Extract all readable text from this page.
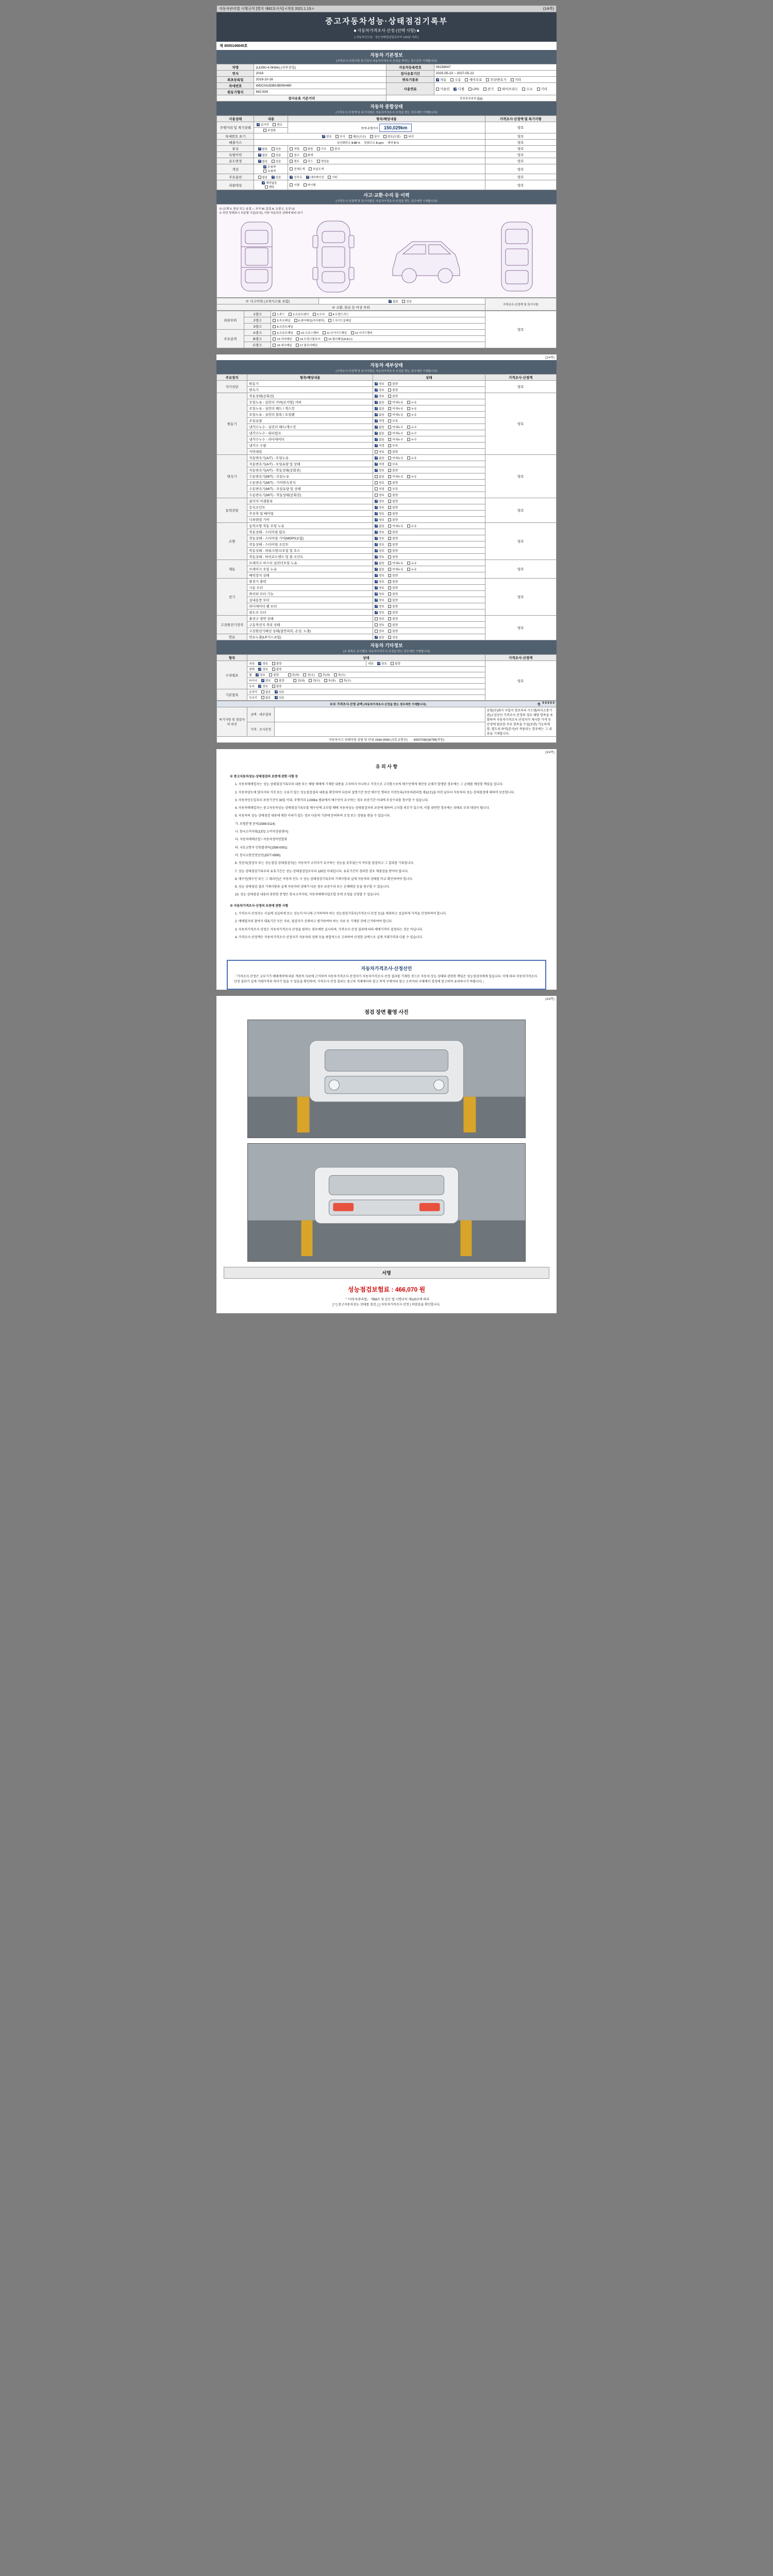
자동차관리법 시행규칙 [별지 제82호서식] <개정 2021.1.19.>	(1/4쪽)
중고자동차성능·상태점검기록부
■ 자동차가격조사·산정 (선택 사항) ■
[ 자동차인도일 : 성능상태점검일로부터 120일 이내 ]
제 4000146645호
자동차 기본정보
(가격조사·산정이란 중고차의 자동차가격조사·산정을 뜻하는 것으로만 기재합니다)
차명	(L£350-4.0kWe) (서부진입)	자동차등록번호	06158047
연식	2018	검사유효기간	2025-05-23 ~ 2027-05-22
최초등록일	2018-10-16	변속기종류	✔자동 수동 세미오토 무단변속기 기타
차대번호	WDC0A3DB0JB090480	사용연료	가솔린 ✔ 디젤 LPG 전기 하이브리드 수소 기타
원동기형식	642.926		
검사유효 기준거리		0 0 0 0 0 0 (㎞)	
자동차 종합상태
(가격조사·산정액 및 특기사항은 자동차가격조사·산정을 받는 경우에만 기재합니다)
사용상태	내용	항목/해당내용	가격조사·산정액 및 특기사항
주행거리 및 계기상태	✔실거리 변조	현재 주행거리 150,029km	양호
	부정확		
차대번호 표기	✔양호 부식 훼손(오손) 상이 변조(도말) 타각		양호
배출가스	일산화탄소 0.00 % 탄화수소 0 ppm 매연 0 %		양호
튜닝	✔없음 있음	적법 불법 구조 장치	양호
특별이력	✔없음 있음	침수 화재	양호
용도변경	✔없음 있음	렌트 리스 영업용	양호
색상	✔무채색 유채색	전체도색 부분도색	양호
주요옵션	없음 ✔ 있음	✔선루프 ✔ 내비게이션 기타	양호
리콜대상	✔해당없음 해당	이행 미이행	양호
사고·교환·수리 등 이력
(가격조사·산정액 및 특기사항은 자동차가격조사·산정을 받는 경우에만 기재합니다)
※ (교체 X, 판금 또는 용접 ○, 부식 W, 흠집 A, 요철 C, 손상 U)
※ 하단 당해표시 부분별 기준(주의), 기타 자동차의 상태에 따라 표기
※ 사고이력 (교차사고를 포함)	✔없음	있음	가격조사·산정액 및 특기사항
※ 교환, 판금 등 이상 부위
외판부위	1랭크	1.후드 2.프론트펜더 3.도어 4.트렌드리드	양호
	2랭크	5.루프패널 6.쿼터패널(리어펜더) 7.사이드실패널	
	3랭크	8.프론트패널	
주요골격	A랭크	9.프론트패널 10.크로스멤버 11.인사이드패널 12.사이드멤버	
	B랭크	13.리어패널 14.트렁크플로어 15.필러패널(A,B,C)	
	C랭크	16.대시패널 17.플로어패널	
(2/4쪽)
자동차 세부상태
(가격조사·산정액 및 특기사항은 자동차가격조사·산정을 받는 경우에만 기재합니다)
주요장치	항목/해당내용	상태	가격조사·산정액
자기진단	원동기	✔양호 불량	양호
	변속기	✔양호 불량
원동기	작동상태(공회전)	✔양호 불량	양호
	오일누유 - 실린더 커버(로커암) 커버	✔없음 미세누유 누유
	오일누유 - 실린더 헤드 / 개스킷	✔없음 미세누유 누유
	오일누유 - 실린더 블록 / 오일팬	✔없음 미세누유 누유
	오일유량	✔적정 부족
	냉각수누수 - 실린더 헤드/개스킷	✔없음 미세누수 누수
	냉각수누수 - 워터펌프	✔없음 미세누수 누수
	냉각수누수 - 라디에이터	✔없음 미세누수 누수
	냉각수 수량	✔적정 부족
	커먼레일	양호 불량	
변속기	자동변속기(A/T) - 오일누유	✔없음 미세누유 누유	양호
	자동변속기(A/T) - 오일유량 및 상태	✔적정 부족
	자동변속기(A/T) - 작동상태(공회전)	✔양호 불량
	수동변속기(M/T) - 오일누유	없음 미세누유 누유	
	수동변속기(M/T) - 기어변속장치	양호 불량	
	수동변속기(M/T) - 오일유량 및 상태	적정 부족	
	수동변속기(M/T) - 작동상태(공회전)	양호 불량	
동력전달	클러치 어셈블리	✔양호 불량	양호
	등속조인트	✔양호 불량
	추진축 및 베어링	✔양호 불량
	디퍼렌셜 기어	✔양호 불량
조향	동력조향 작동 오일 누유	✔없음 미세누유 누유	양호
	작동상태 - 스티어링 펌프	✔양호 불량
	작동상태 - 스티어링 기어(MDPS포함)	✔양호 불량
	작동상태 - 스티어링 조인트	✔양호 불량
	작동상태 - 파워크랭크/오일 및 호스	✔양호 불량
	작동상태 - 타이로드엔드 및 볼 조인트	✔양호 불량
제동	브레이크 마스터 실린더오일 누유	✔없음 미세누유 누유	양호
	브레이크 오일 누유	✔없음 미세누유 누유
	배력장치 상태	✔양호 불량
전기	발전기 출력	✔양호 불량	양호
	시동 모터	✔양호 불량
	와이퍼 모터 기능	✔양호 불량
	실내송풍 모터	✔양호 불량
	라디에이터 팬 모터	✔양호 불량
	윈도우 모터	✔양호 불량
고전원전기장치	충전구 절연 상태	양호 불량	양호
	구동축전지 격리 상태	양호 불량	
	고전원전기배선 상태(접연피복, 손상, 노출)	양호 불량	
연료	연료누출(LP가스포함)	✔없음 있음
자동차 기타정보
(※ 항목은 총사별로 자동차가격조사·산정을 받는 경우에만 기재합니다)
항목	상태		가격조사·산정액
수리필요	외장 ✔ 양호 불량	내장 ✔ 양호 불량	양호
	광택 ✔ 양호 불량
	휠 ✔ 양호 불량 전(좌) 전(우) 후(좌) 후(우)
	타이어 ✔ 양호 불량 전(좌) 전(우) 후(좌) 후(우)
	유리 ✔ 양호 불량
기본품목	운전석 없음 ✔ 있음
	보조키 없음 ✔ 있음
※※ 가격조사·산정 금액 (자동차가격조사·산정을 받는 경우에만 기재합니다) 0 0 0 0 0
원			

특기사항 및 점검자의 의견	금액 · 내부결과		보험(부)회사 사업자 정보처리 시스템(의사소통기관)소상공인 가격조사·산정의 경우 해당 항목을 포함하여 자동차가격조사·산정자가 제시한 가격 등 산정에 필요한 주요 항목을 수집(보관) 가능하게 함, 별도의 특약(본사)이 적용되는 경우에는 그 내용을 기재합니다.
	가격 · 조사산정		
자동차사고 피해지원 상담 및 안내 1544-0049 (국토교통부) 4000708(0)6799(작동)			
(3/4쪽)
유 의 사 항

※ 중고자동차성능·상태점검의 보증에 관한 사항 등

1. 자동차매매업자는 성능·상태점검기록부의 내용 또는 해당 매매에 기재한 내용을 고지하지 아니하고 거짓으로 고지함으로써 매수인에게 재산상 손해가 발생한 경우에는 그 손해를 배상할 책임을 집니다.

2. 자동차양도에 있어서의 거짓 또는 오류가 있는 성능점검결과 내용을 확인하여 다음의 설명기간 동안 매수인 명의로 이전등록(자동차관리법 제12조)을 마친 날부터 자동차의 성능·상태점검에 대하여 보증합니다.

3. 자동차인도일부터 보증기간이 30일 이내, 주행거리 2,000㎞ 범위에서 매수인이 요구하는 경우 보증기간 이내에 무상수리를 청구할 수 있습니다.

4. 자동차매매업자는 중고자동차성능·상태점검기록부를 매수인에 교부할 때에 자동차성능·상태점검자의 보증에 대하여 고지할 의무가 있으며, 이를 위반한 경우에는 과태료 부과 대상이 됩니다.

5. 자동차의 성능·상태점검 내용에 대한 이의가 있는 경우 다음의 기관에 문의하여 조정 또는 상담을 받을 수 있습니다.

가. 보험분쟁 문의(1588-0114)

나. 한국소비자원(1372 소비자상담센터)

다. 자동차매매조합 / 자동차정비연합회

라. 국토교통부 민원콜센터(1599-0001)

마. 한국교통안전공단(1577-0990)

6. 정검자(점검자 또는 성능점검·상태점검자)는 자동차가 소비자가 요구하는 성능을 갖추었는지 여부를 점검하고 그 결과를 기록합니다.

7. 성능·상태점검기록부의 유효기간은 성능·상태점검일로부터 120일 이내입니다. 유효기간이 경과한 경우 재점검을 받아야 합니다.

8. 매수인(매수인 또는 그 대리인)은 자동차 인도 시 성능·상태점검기록부의 기재사항과 실제 자동차의 상태를 비교·확인하여야 합니다.

9. 성능·상태점검 결과 기재사항과 실제 자동차의 상태가 다른 경우 보증수리 또는 손해배상 등을 청구할 수 있습니다.

10. 성능·상태점검 내용과 관련한 분쟁은 한국소비자원, 자동차매매사업조합 등에 조정을 신청할 수 있습니다.

※ 자동차가격조사·산정의 보증에 관한 사항

1. 가격조사·산정자는 사실에 성실하게 또는 성능이 아니에 근거하여야 하는 성능점검기록부(가격조사·산정 등)을 제외하고 성실하게 가격을 산정하여야 합니다.

2. 매매업자의 참여자 대표기간 모든 자료, 점검자가 신뢰하고 평가하여야 하는 자료 등 기재된 것에 근거하여야 합니다.

3. 자동차가격조사·산정은 자동차가격조사·산정을 원하는 경우에만 실시되며, 가격조사·산정 결과에 따라 매매가격이 결정되는 것은 아닙니다.

4. 가격조사·산정액은 자동차가격조사·산정자가 자동차의 상태 등을 종합적으로 고려하여 산정한 금액으로 실제 거래가격과 다를 수 있습니다.

자동차가격조사·산정선언
「가격조사·산정은 교부기가 매매계약에 따른 객관적 자료에 근거하여 자동차가격조사·산정자가 자동차가격조사·산정 결과를 기재한 것으로 자동차 성능·상태와 관련한 책임은 성능점검자에게 있습니다. 이에 따라 자동차가격조사·산정 결과가 실제 거래가격과 차이가 있을 수 있음을 확인하며, 가격조사·산정 결과는 중고차 거래에서의 참고 목적 구매자의 참고 소비자의 구매에서 경정에 참고하여 유의하시기 바랍니다.」
(4/4쪽)
점검 장면 촬영 사진
서명
성능점검보험료 : 466,070 원
『 *자동차관리법』 제58조 및 같은 법 시행규칙 제120조에 따라
[ㅜ] 중고자동차성능·상태를 점검, [ ] 자동차가격조사·산정 ) 하였음을 확인합니다.
